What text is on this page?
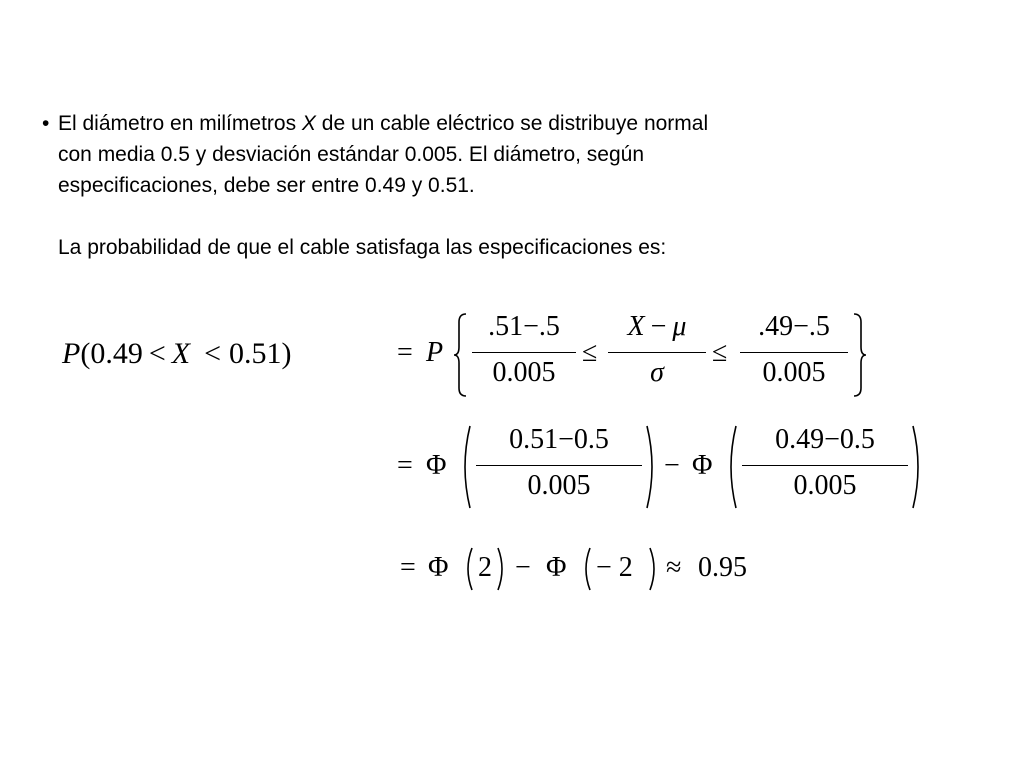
• El diámetro en milímetros X de un cable eléctrico se distribuye normal
con media 0.5 y desviación estándar 0.005. El diámetro, según
especificaciones, debe ser entre 0.49 y 0.51.
La probabilidad de que el cable satisfaga las especificaciones es:
P(0.49 < X < 0.51)	= P
.51−.5
0.005
≤
X − μ
σ
≤
.49−.5
0.005
= Φ
0.51−0.5
0.005
− Φ
0.49−0.5
0.005
= Φ 2 − Φ − 2 ≈ 0.95
